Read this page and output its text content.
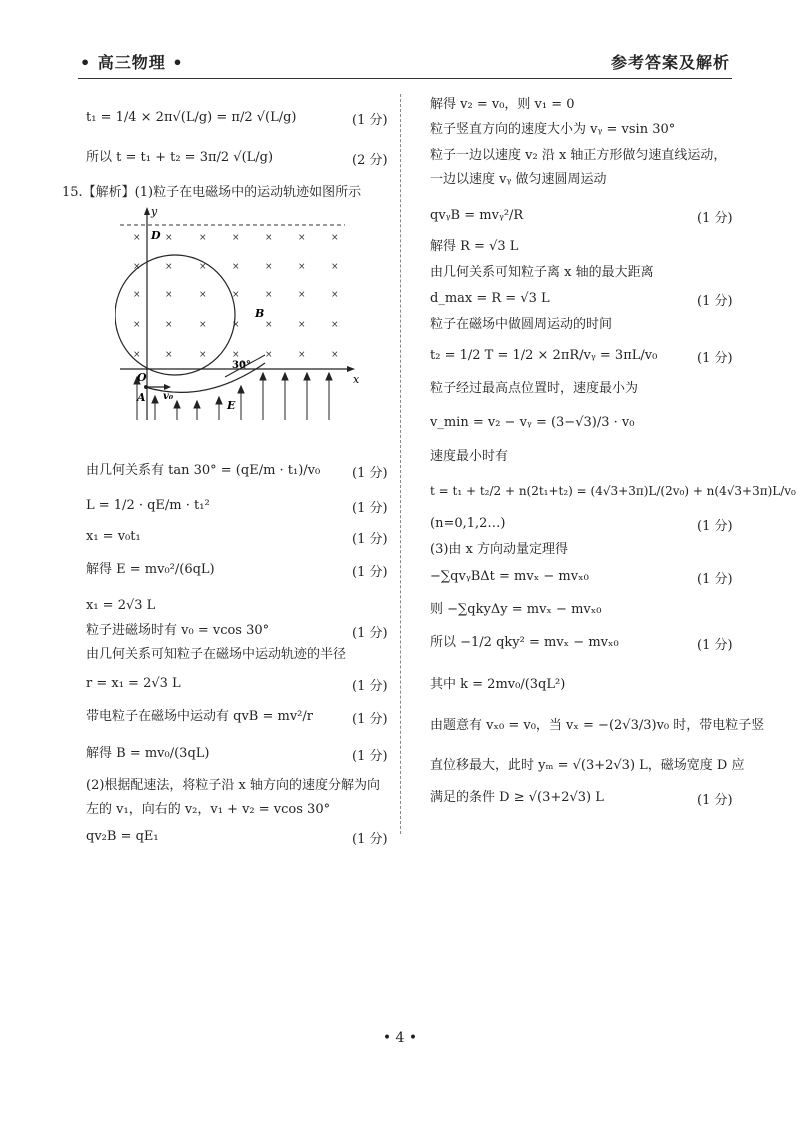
• 高三物理 •	参考答案及解析
t₁ = 1/4 × 2π√(L/g) = π/2 √(L/g)	(1 分)
所以 t = t₁ + t₂ = 3π/2 √(L/g)	(2 分)
15.【解析】(1)粒子在电磁场中的运动轨迹如图所示
×	×	×	×	×	×	×
×	×	×	×	×	×	×
×	×	×	×	×	×	×
×	×	×	×	×	×	×
×	×	×	×	×	×	×
y
x
D
B
O
A v₀
E
30°
由几何关系有 tan 30° = (qE/m · t₁)/v₀ (1 分)
L = 1/2 · qE/m · t₁²	(1 分)
x₁ = v₀t₁	(1 分)
解得 E = mv₀²/(6qL)	(1 分)
x₁ = 2√3 L
粒子进磁场时有 v₀ = vcos 30°	(1 分)
由几何关系可知粒子在磁场中运动轨迹的半径
r = x₁ = 2√3 L	(1 分)
带电粒子在磁场中运动有 qvB = mv²/r	(1 分)
解得 B = mv₀/(3qL)	(1 分)
(2)根据配速法，将粒子沿 x 轴方向的速度分解为向
左的 v₁，向右的 v₂，v₁ + v₂ = vcos 30°
qv₂B = qE₁	(1 分)
解得 v₂ = v₀，则 v₁ = 0
粒子竖直方向的速度大小为 vᵧ = vsin 30°
粒子一边以速度 v₂ 沿 x 轴正方形做匀速直线运动，
一边以速度 vᵧ 做匀速圆周运动
qvᵧB = mvᵧ²/R	(1 分)
解得 R = √3 L
由几何关系可知粒子离 x 轴的最大距离
d_max = R = √3 L	(1 分)
粒子在磁场中做圆周运动的时间
t₂ = 1/2 T = 1/2 × 2πR/vᵧ = 3πL/v₀	(1 分)
粒子经过最高点位置时，速度最小为
v_min = v₂ − vᵧ = (3−√3)/3 · v₀
速度最小时有
t = t₁ + t₂/2 + n(2t₁+t₂) = (4√3+3π)L/(2v₀) + n(4√3+3π)L/v₀
(n=0,1,2…)	(1 分)
(3)由 x 方向动量定理得
−∑qvᵧBΔt = mvₓ − mvₓ₀	(1 分)
则 −∑qkyΔy = mvₓ − mvₓ₀
所以 −1/2 qky² = mvₓ − mvₓ₀	(1 分)
其中 k = 2mv₀/(3qL²)
由题意有 vₓ₀ = v₀，当 vₓ = −(2√3/3)v₀ 时，带电粒子竖
直位移最大，此时 yₘ = √(3+2√3) L，磁场宽度 D 应
满足的条件 D ≥ √(3+2√3) L	(1 分)
• 4 •
